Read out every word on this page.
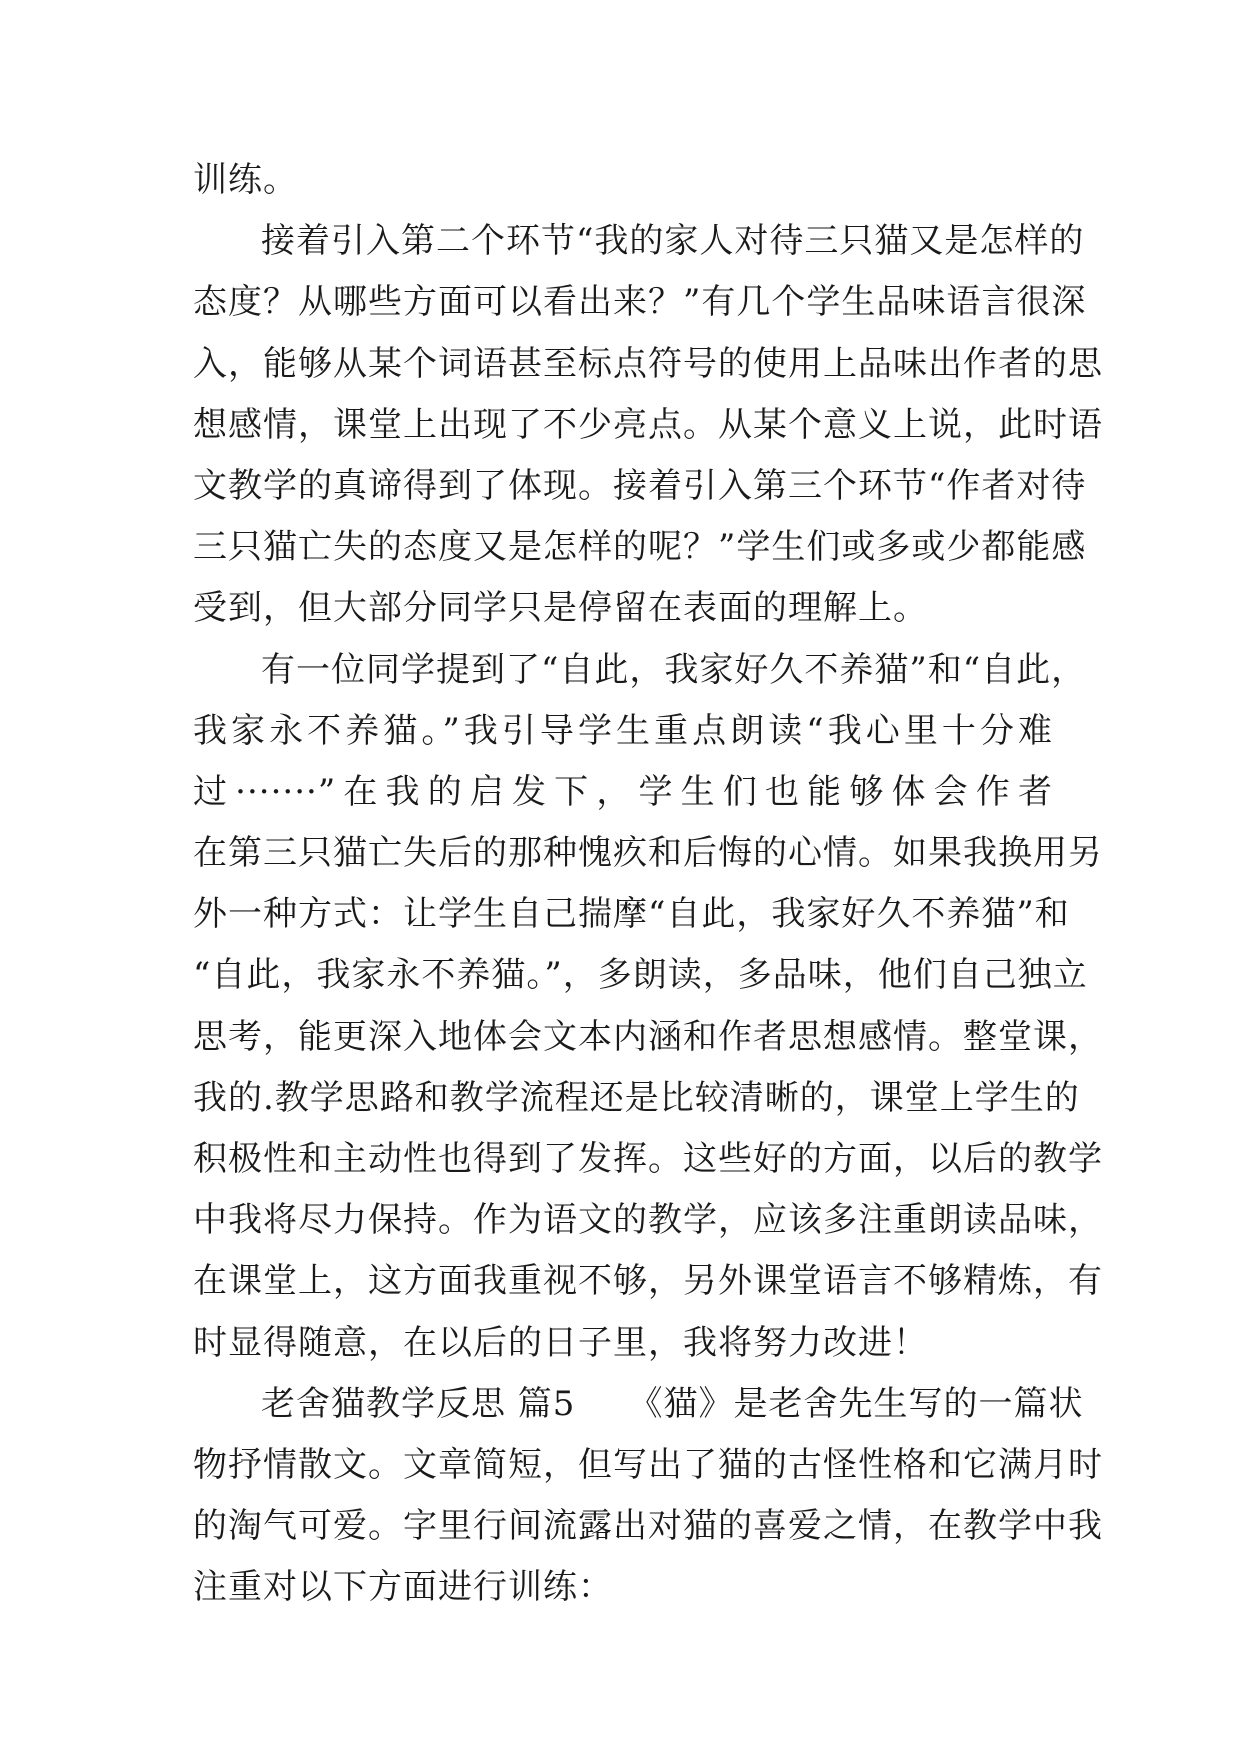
训练。
接着引入第二个环节“我的家人对待三只猫又是怎样的
态度？从哪些方面可以看出来？”有几个学生品味语言很深
入，能够从某个词语甚至标点符号的使用上品味出作者的思
想感情，课堂上出现了不少亮点。从某个意义上说，此时语
文教学的真谛得到了体现。接着引入第三个环节“作者对待
三只猫亡失的态度又是怎样的呢？”学生们或多或少都能感
受到，但大部分同学只是停留在表面的理解上。
有一位同学提到了“自此，我家好久不养猫”和“自此，
我家永不养猫。”我引导学生重点朗读“我心里十分难
过·······”在我的启发下，学生们也能够体会作者
在第三只猫亡失后的那种愧疚和后悔的心情。如果我换用另
外一种方式：让学生自己揣摩“自此，我家好久不养猫”和
“自此，我家永不养猫。”，多朗读，多品味，他们自己独立
思考，能更深入地体会文本内涵和作者思想感情。整堂课，
我的.教学思路和教学流程还是比较清晰的，课堂上学生的
积极性和主动性也得到了发挥。这些好的方面，以后的教学
中我将尽力保持。作为语文的教学，应该多注重朗读品味，
在课堂上，这方面我重视不够，另外课堂语言不够精炼，有
时显得随意，在以后的日子里，我将努力改进！
老舍猫教学反思 篇5　　《猫》是老舍先生写的一篇状
物抒情散文。文章简短，但写出了猫的古怪性格和它满月时
的淘气可爱。字里行间流露出对猫的喜爱之情，在教学中我
注重对以下方面进行训练：
